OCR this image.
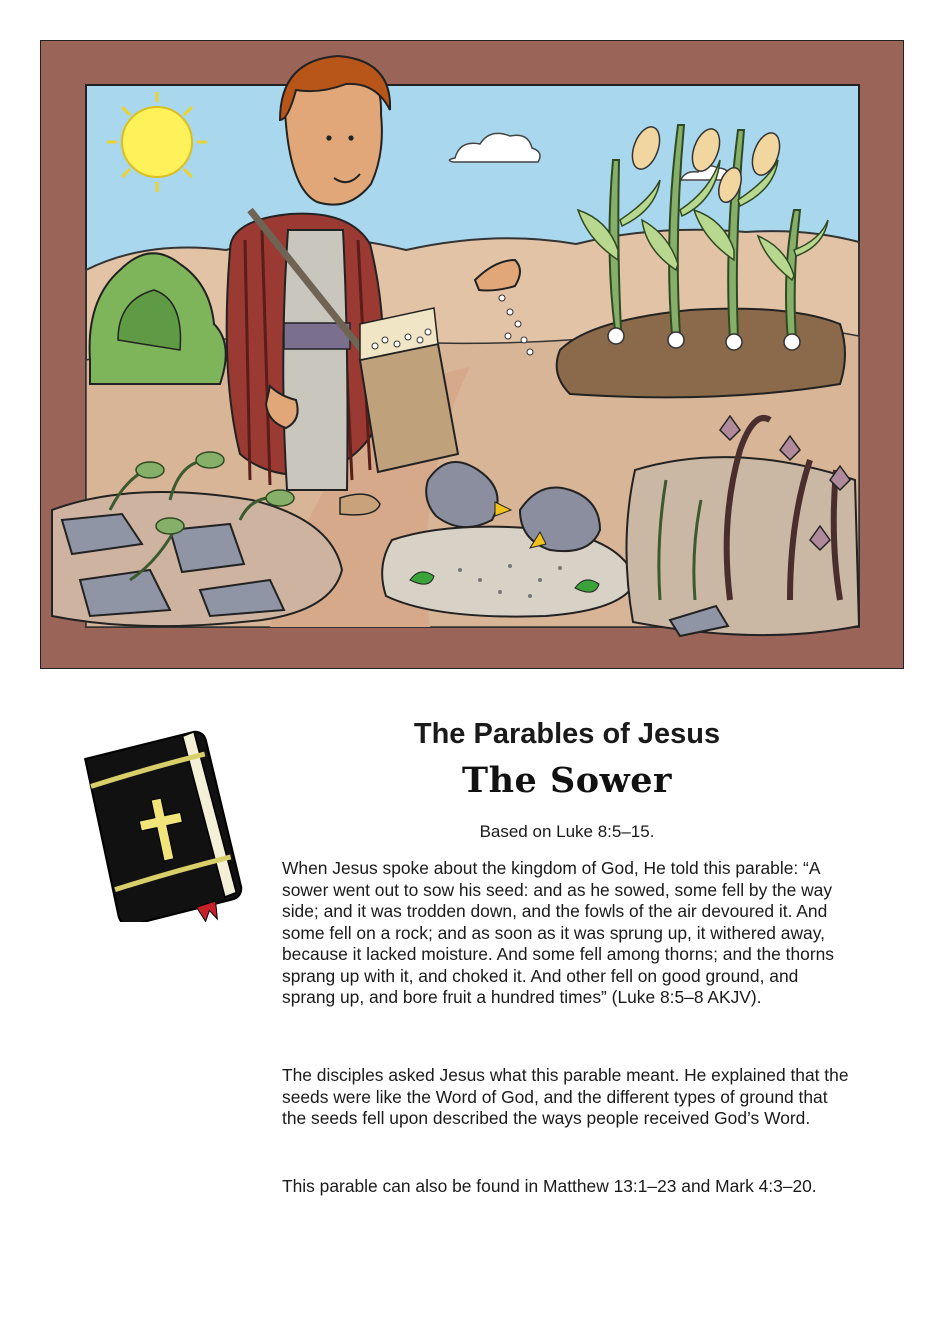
The Parables of Jesus
The Sower
Based on Luke 8:5–15.

When Jesus spoke about the kingdom of God, He told this parable: “A sower went out to sow his seed: and as he sowed, some fell by the way side; and it was trodden down, and the fowls of the air devoured it. And some fell on a rock; and as soon as it was sprung up, it withered away, because it lacked moisture. And some fell among thorns; and the thorns sprang up with it, and choked it. And other fell on good ground, and sprang up, and bore fruit a hundred times” (Luke 8:5–8 AKJV).

The disciples asked Jesus what this parable meant. He explained that the seeds were like the Word of God, and the different types of ground that the seeds fell upon described the ways people received God’s Word.

This parable can also be found in Matthew 13:1–23 and Mark 4:3–20.
